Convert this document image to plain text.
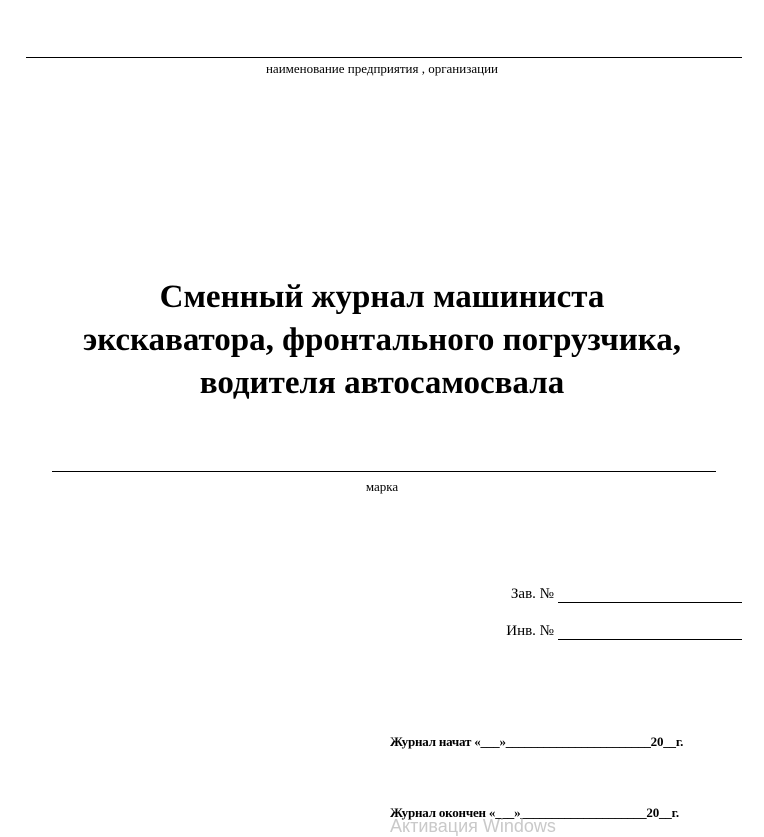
наименование предприятия , организации
Сменный журнал машиниста
экскаватора, фронтального погрузчика,
водителя автосамосвала
марка
Зав. №
Инв. №
Журнал начат «___»_______________________20__г.
Журнал окончен «___»____________________20__г.
Активация Windows
